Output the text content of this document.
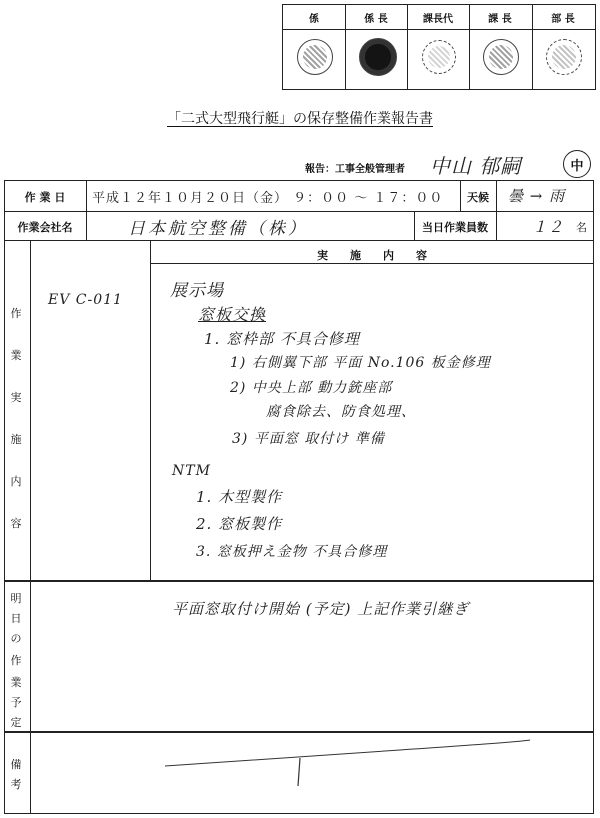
係	係 長	課長代	課 長	部 長
「二式大型飛行艇」の保存整備作業報告書
報告：工事全般管理者 中山 郁嗣	中
作 業 日	平成１２年１０月２０日（金） ９：００ 〜 １７：００	天候	曇 → 雨
作業会社名	日本航空整備（株）	当日作業員数	１２ 名
作
業
実
施
内
容
実　　施　　内　　容
EV C-011	展示場
窓板交換
1. 窓枠部 不具合修理
1) 右側翼下部 平面 No.106 板金修理
2) 中央上部 動力銃座部
腐食除去、防食処理、
3) 平面窓 取付け 準備
NTM
1. 木型製作
2. 窓板製作
3. 窓板押え金物 不具合修理
明
日
の
作
業
予
定
平面窓取付け開始 (予定) 上記作業引継ぎ
備
考
